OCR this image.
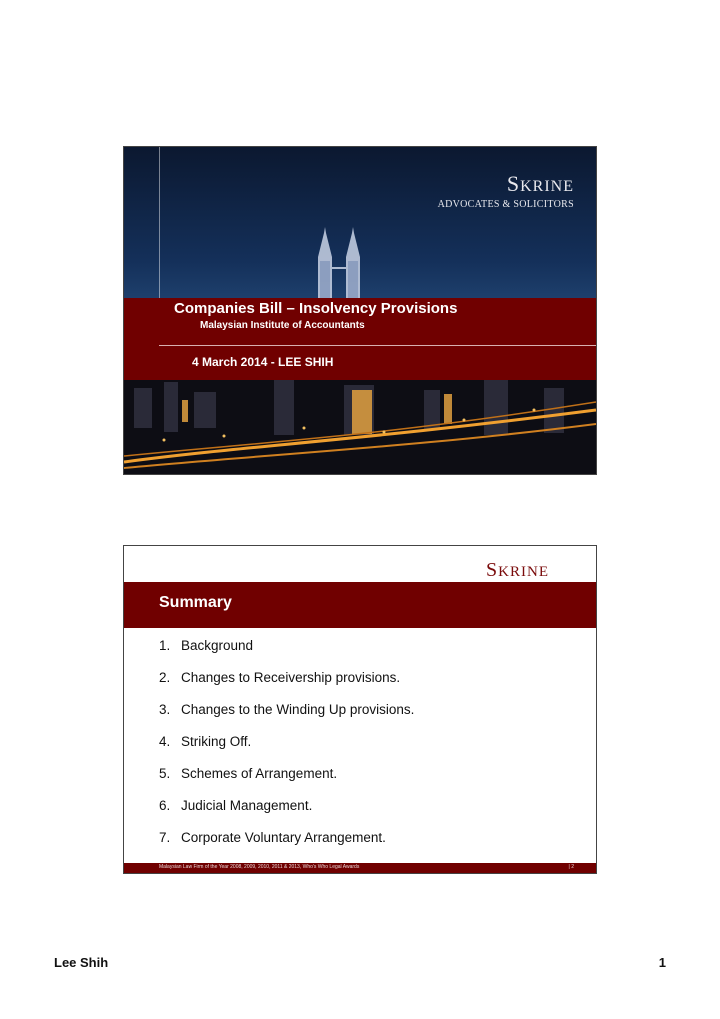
SKRINE
ADVOCATES & SOLICITORS
Companies Bill – Insolvency Provisions
Malaysian Institute of Accountants
4 March 2014 - LEE SHIH
SKRINE
Summary
1. Background
2. Changes to Receivership provisions.
3. Changes to the Winding Up provisions.
4. Striking Off.
5. Schemes of Arrangement.
6. Judicial Management.
7. Corporate Voluntary Arrangement.
Malaysian Law Firm of the Year 2008, 2009, 2010, 2011 & 2013, Who's Who Legal Awards	| 2
Lee Shih	1
